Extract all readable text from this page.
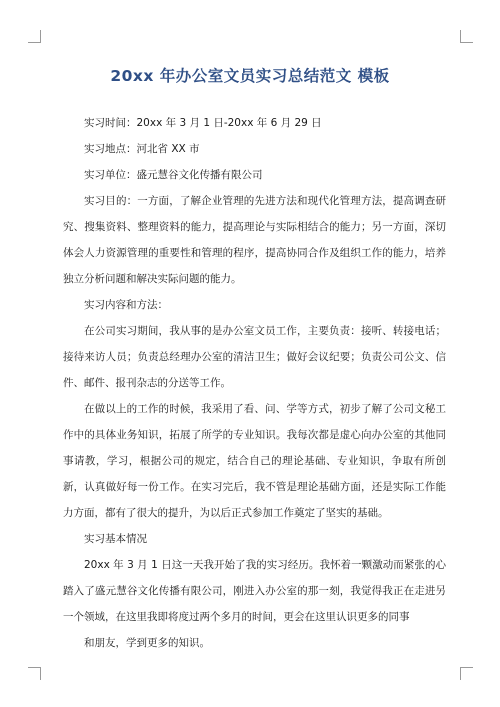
20xx 年办公室文员实习总结范文 模板

实习时间：20xx 年 3 月 1 日-20xx 年 6 月 29 日

实习地点：河北省 XX 市

实习单位：盛元慧谷文化传播有限公司

实习目的：一方面，了解企业管理的先进方法和现代化管理方法，提高调查研究、搜集资料、整理资料的能力，提高理论与实际相结合的能力；另一方面，深切体会人力资源管理的重要性和管理的程序，提高协同合作及组织工作的能力，培养独立分析问题和解决实际问题的能力。

实习内容和方法：

在公司实习期间，我从事的是办公室文员工作，主要负责：接听、转接电话；接待来访人员；负责总经理办公室的清洁卫生；做好会议纪要；负责公司公文、信件、邮件、报刊杂志的分送等工作。

在做以上的工作的时候，我采用了看、问、学等方式，初步了解了公司文秘工作中的具体业务知识，拓展了所学的专业知识。我每次都是虚心向办公室的其他同事请教，学习，根据公司的规定，结合自己的理论基础、专业知识，争取有所创新，认真做好每一份工作。在实习完后，我不管是理论基础方面，还是实际工作能力方面，都有了很大的提升，为以后正式参加工作奠定了坚实的基础。

实习基本情况

20xx 年 3 月 1 日这一天我开始了我的实习经历。我怀着一颗激动而紧张的心踏入了盛元慧谷文化传播有限公司，刚进入办公室的那一刻，我觉得我正在走进另一个领域，在这里我即将度过两个多月的时间，更会在这里认识更多的同事

和朋友，学到更多的知识。
